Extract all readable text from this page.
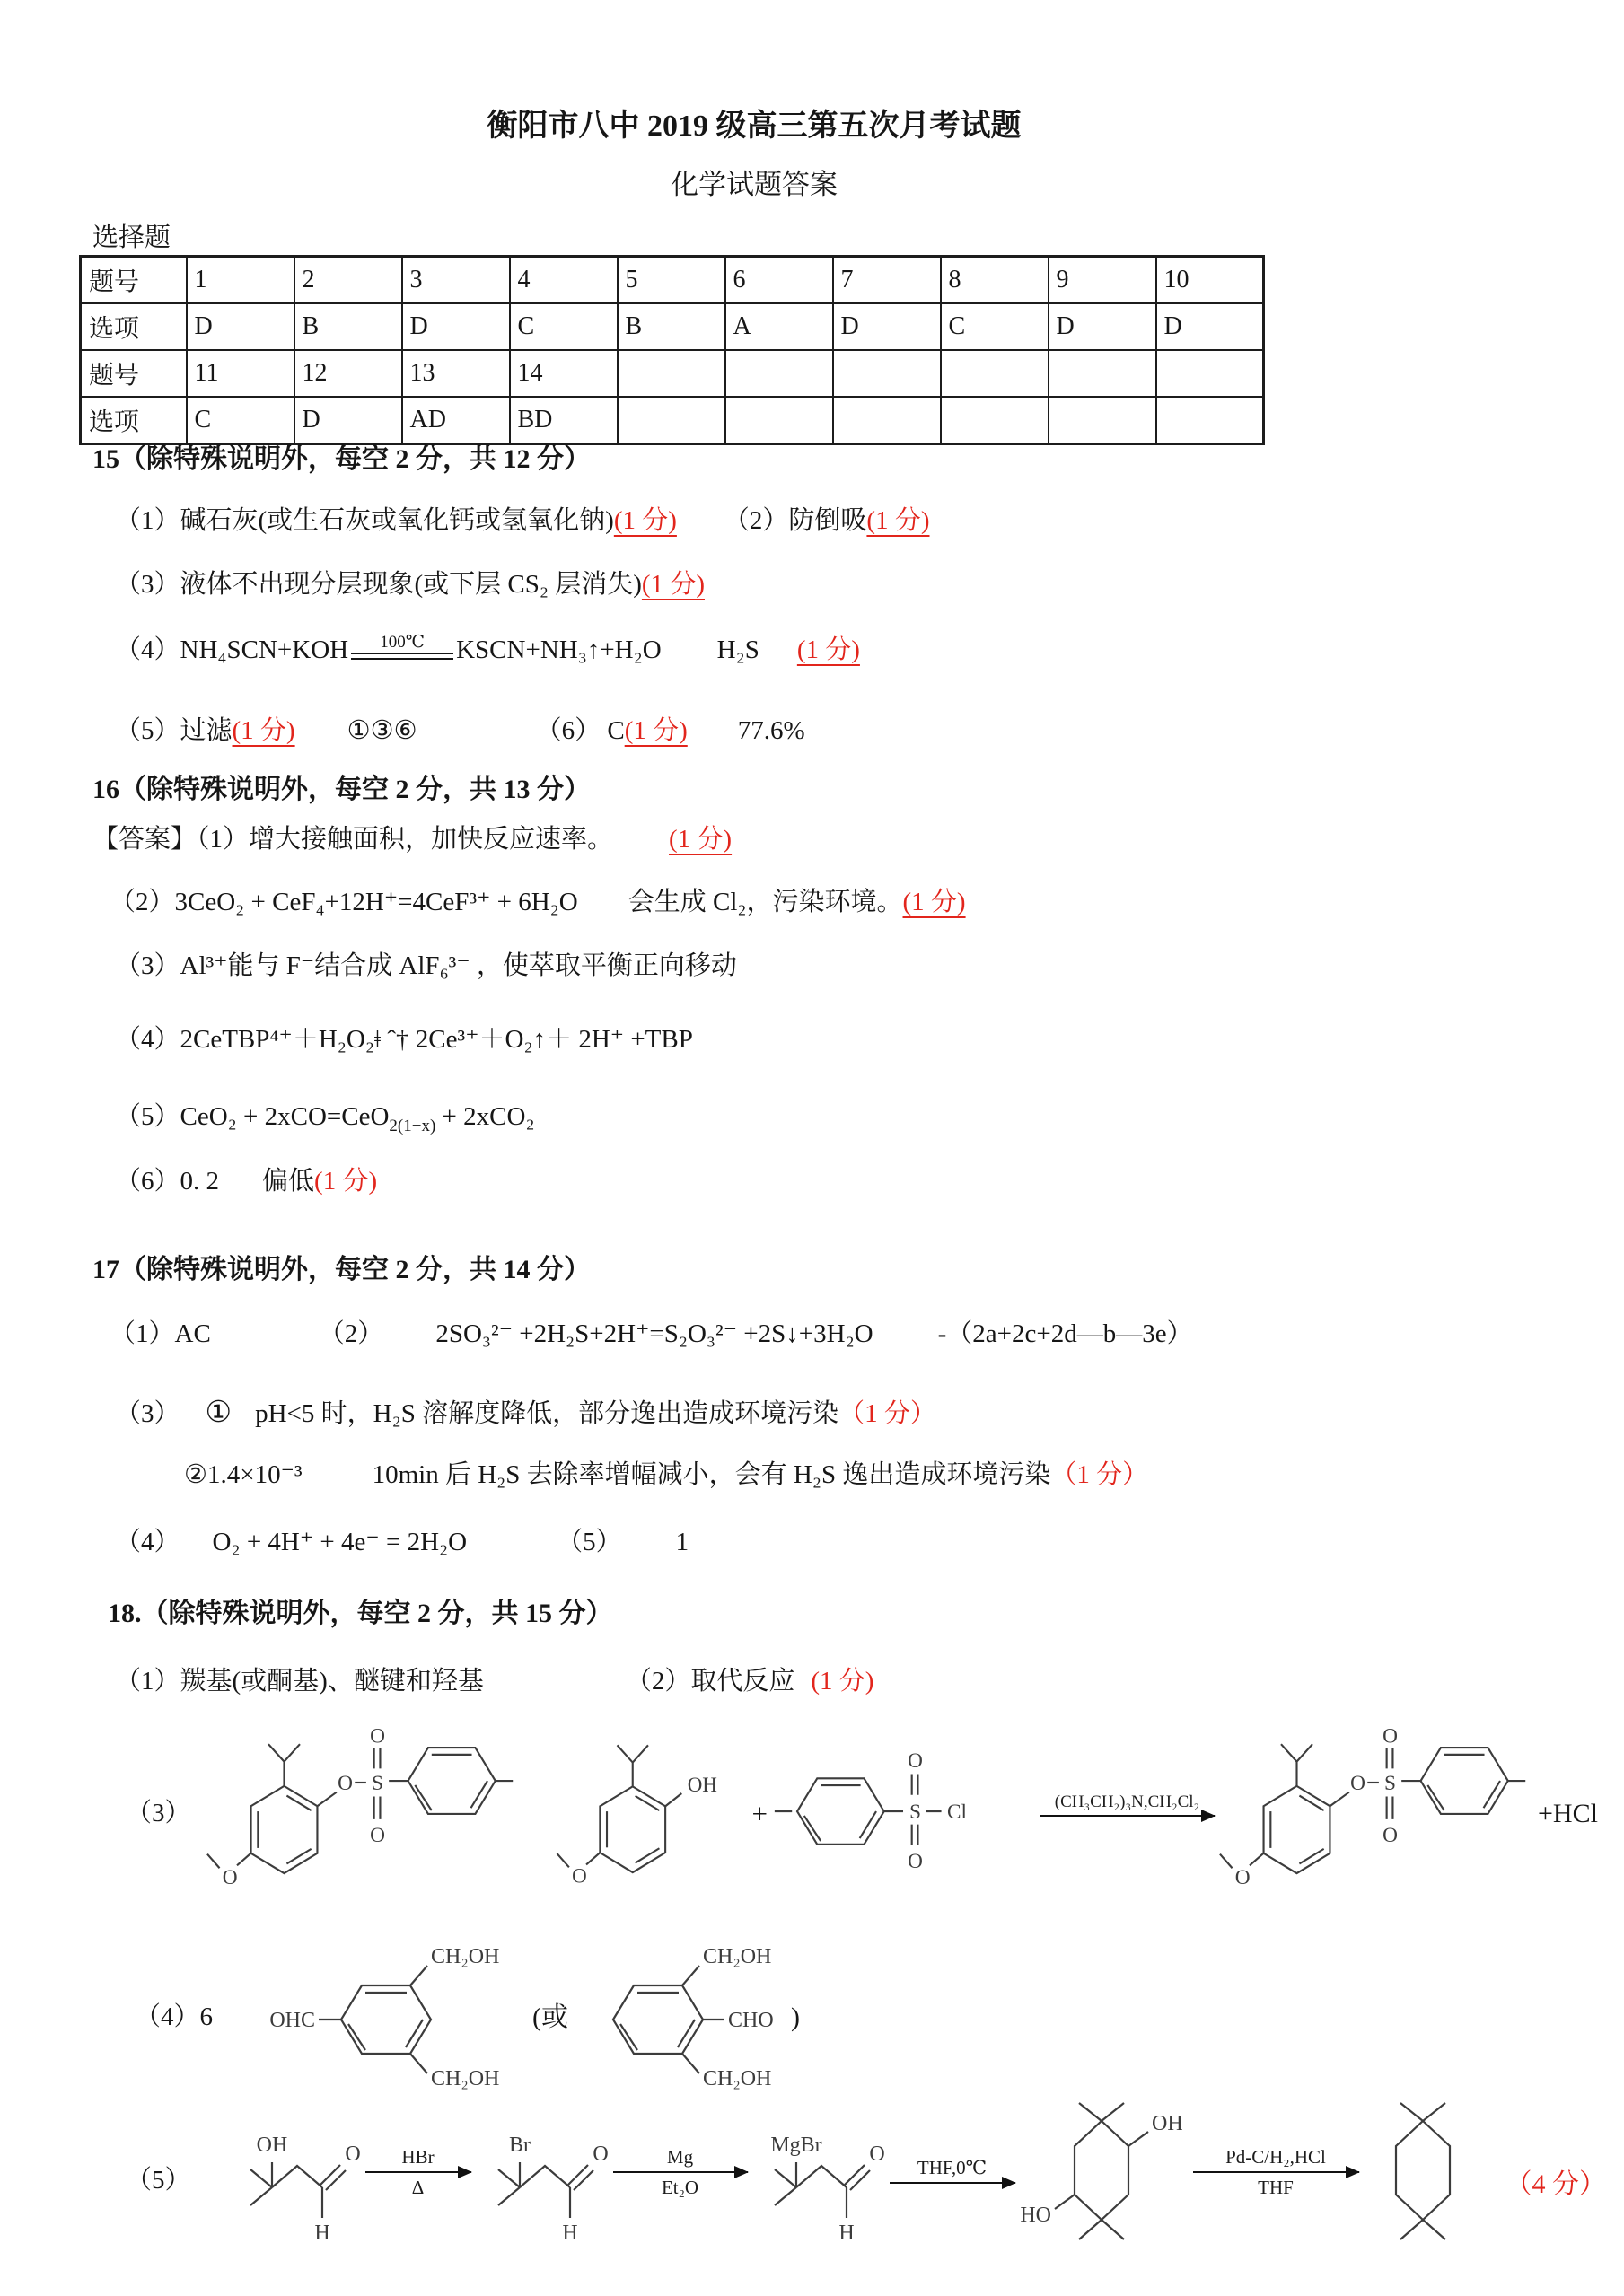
衡阳市八中 2019 级高三第五次月考试题
化学试题答案
选择题
题号	1	2	3	4	5	6	7	8	9	10
选项	D	B	D	C	B	A	D	C	D	D
题号	11	12	13	14						
选项	C	D	AD	BD						
15（除特殊说明外，每空 2 分，共 12 分）
（1）碱石灰(或生石灰或氧化钙或氢氧化钠)(1 分) （2）防倒吸(1 分)
（3）液体不出现分层现象(或下层 CS₂ 层消失)(1 分)
（4）NH₄SCN+KOH 100℃ KSCN+NH₃↑+H₂O H₂S (1 分)
（5）过滤(1 分) ①③⑥	（6） C(1 分) 77.6%
16（除特殊说明外，每空 2 分，共 13 分）
【答案】（1）增大接触面积，加快反应速率。 (1 分)
（2）3CeO₂ + CeF₄+12H⁺=4CeF³⁺ + 6H₂O 会生成 Cl₂，污染环境。(1 分)
（3）Al³⁺能与 F⁻结合成 AlF₆³⁻ ，使萃取平衡正向移动
（4）2CeTBP⁴⁺＋H₂O₂ǂ ˆ† 2Ce³⁺＋O₂↑＋ 2H⁺ +TBP
（5）CeO₂ + 2xCO=CeO$_{2(1-x)}$ + 2xCO₂
（6）0. 2 偏低(1 分)
17（除特殊说明外，每空 2 分，共 14 分）
（1）AC	（2） 2SO₃²⁻ +2H₂S+2H⁺=S₂O₃²⁻ +2S↓+3H₂O -（2a+2c+2d—b—3e）
（3） ① pH<5 时，H₂S 溶解度降低，部分逸出造成环境污染（1 分）
②1.4×10⁻³	10min 后 H₂S 去除率增幅减小，会有 H₂S 逸出造成环境污染（1 分）
（4） O₂ + 4H⁺ + 4e⁻ = 2H₂O	（5） 1
18.（除特殊说明外，每空 2 分，共 15 分）
（1）羰基(或酮基)、醚键和羟基	（2）取代反应 (1 分)
（3）
O S
O
O
O
OH
O
+	S
O
O
Cl	(CH₃CH₂)₃N,CH₂Cl₂
O S
O
O
O
+HCl
（4）6
CH₂OH
OHC
CH₂OH
(或
CH₂OH
CHO
CH₂OH
)
（5）
OH	O
H
HBr
Δ
Br	O
H
Mg
Et₂O
MgBr O
H
THF,0℃
OH
HO
Pd-C/H₂,HCl
THF	（4 分）
